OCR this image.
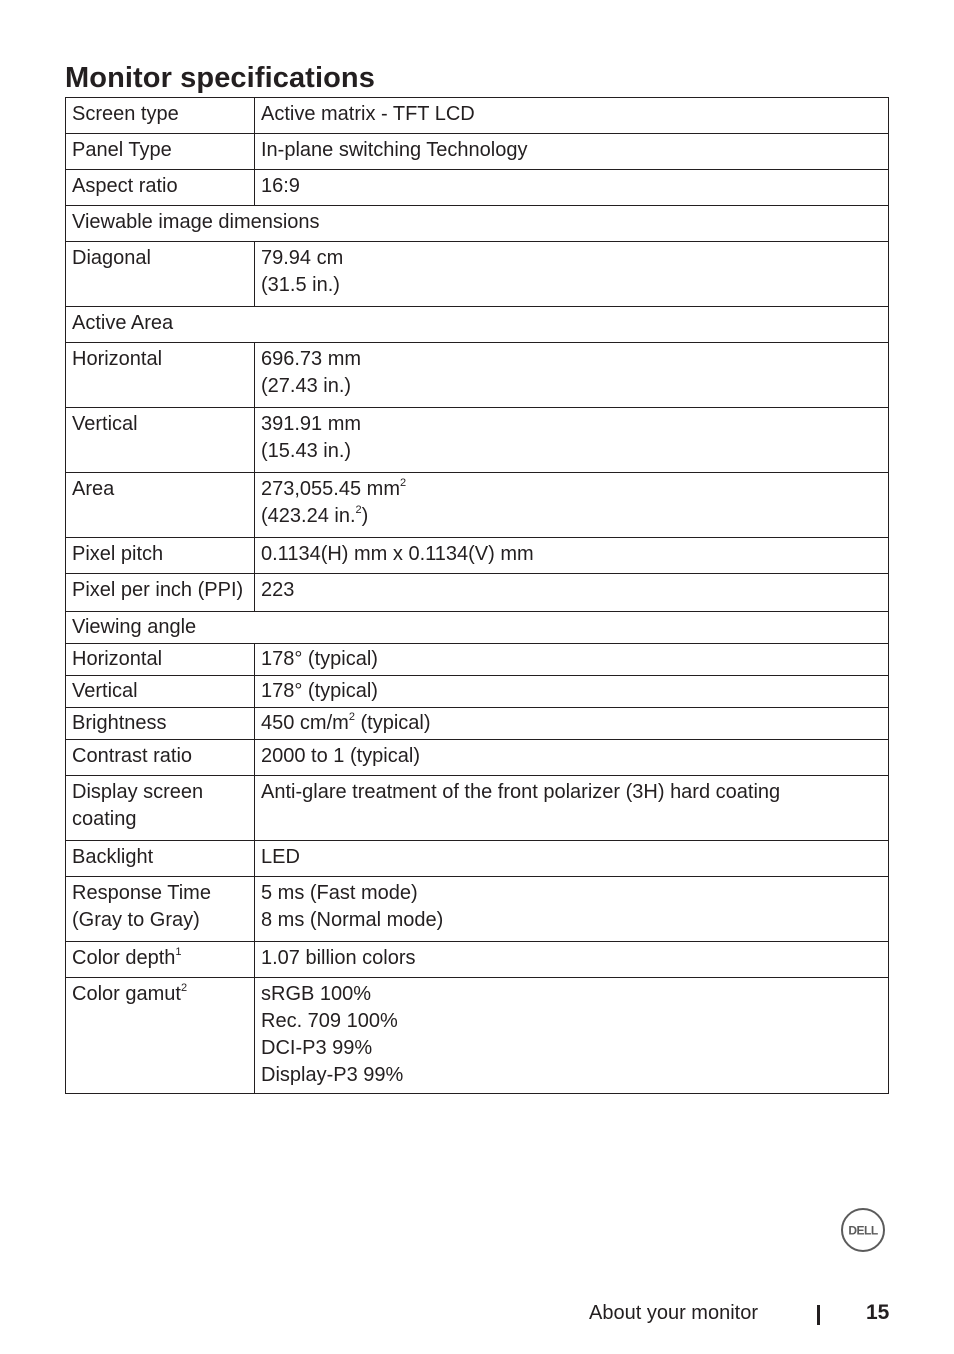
Monitor specifications
Screen type	Active matrix - TFT LCD

Panel Type	In-plane switching Technology

Aspect ratio	16:9

Viewable image dimensions	
Diagonal	79.94 cm
(31.5 in.)

Active Area	
Horizontal	696.73 mm
(27.43 in.)

Vertical	391.91 mm
(15.43 in.)

Area	273,055.45 $mm^2$
(423.24 in.$^2$)

Pixel pitch	0.1134(H) mm x 0.1134(V) mm

Pixel per inch (PPI)	223

Viewing angle	
Horizontal	178° (typical)

Vertical	178° (typical)

Brightness	450 $cm/m^2$ (typical)

Contrast ratio	2000 to 1 (typical)

Display screen coating	Anti-glare treatment of the front polarizer (3H) hard coating

Backlight	LED

Response Time (Gray to Gray)	5 ms (Fast mode)
8 ms (Normal mode)

Color depth$^1$	1.07 billion colors

Color gamut$^2$	sRGB 100%
Rec. 709 100%
DCI-P3 99%
Display-P3 99%
DELL
About your monitor	15
